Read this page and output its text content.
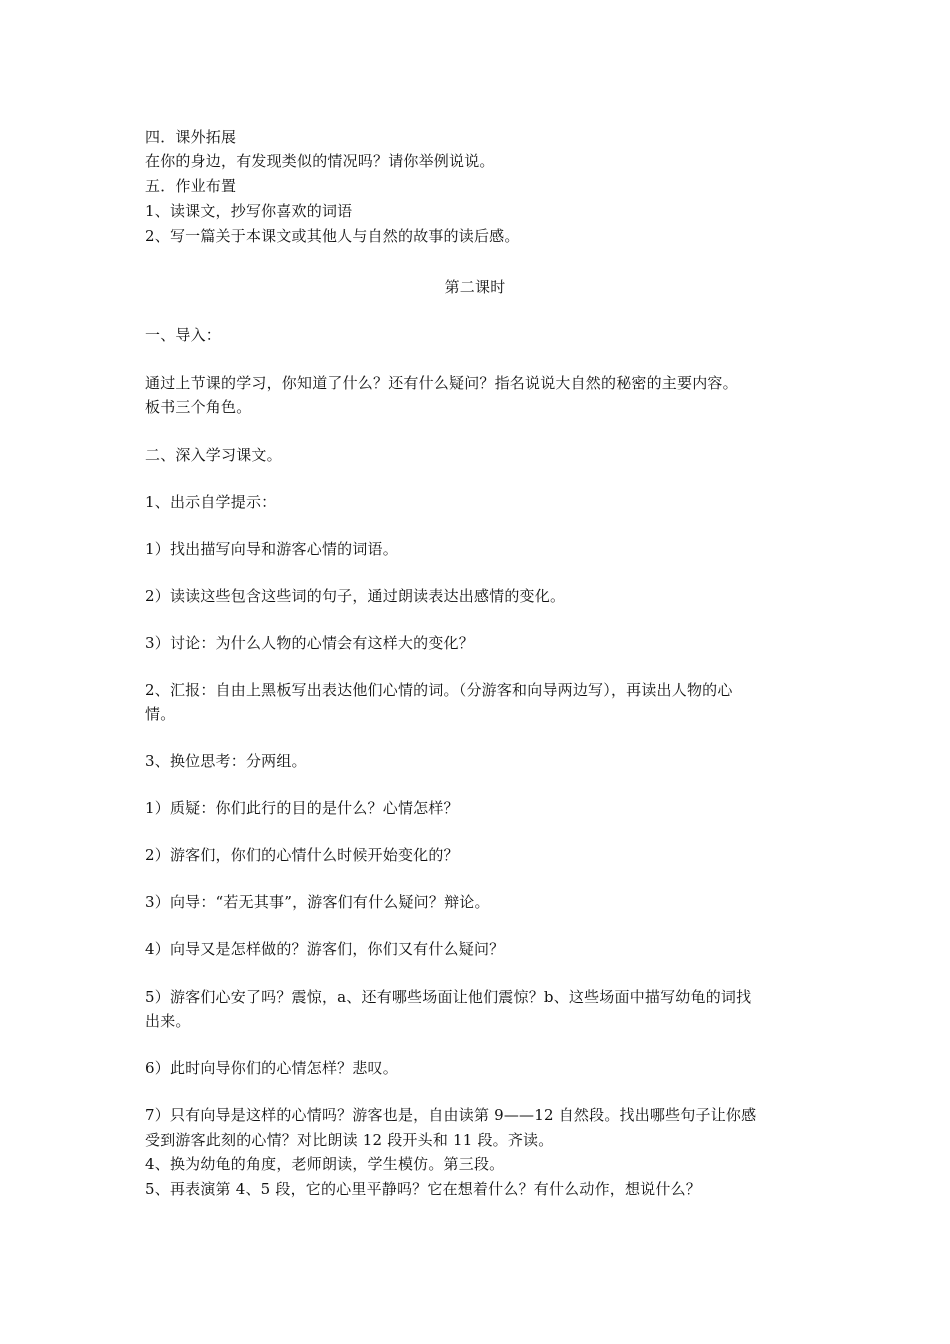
四．课外拓展
在你的身边，有发现类似的情况吗？请你举例说说。
五．作业布置
1、读课文，抄写你喜欢的词语
2、写一篇关于本课文或其他人与自然的故事的读后感。
第二课时
一、导入：
通过上节课的学习，你知道了什么？还有什么疑问？指名说说大自然的秘密的主要内容。
板书三个角色。
二、深入学习课文。
1、出示自学提示：
1）找出描写向导和游客心情的词语。
2）读读这些包含这些词的句子，通过朗读表达出感情的变化。
3）讨论：为什么人物的心情会有这样大的变化？
2、汇报：自由上黑板写出表达他们心情的词。（分游客和向导两边写），再读出人物的心
情。
3、换位思考：分两组。
1）质疑：你们此行的目的是什么？心情怎样？
2）游客们，你们的心情什么时候开始变化的？
3）向导：“若无其事”，游客们有什么疑问？辩论。
4）向导又是怎样做的？游客们，你们又有什么疑问？
5）游客们心安了吗？震惊，a、还有哪些场面让他们震惊？b、这些场面中描写幼龟的词找
出来。
6）此时向导你们的心情怎样？悲叹。
7）只有向导是这样的心情吗？游客也是，自由读第 9——12 自然段。找出哪些句子让你感
受到游客此刻的心情？对比朗读 12 段开头和 11 段。齐读。
4、换为幼龟的角度，老师朗读，学生模仿。第三段。
5、再表演第 4、5 段，它的心里平静吗？它在想着什么？有什么动作，想说什么？
